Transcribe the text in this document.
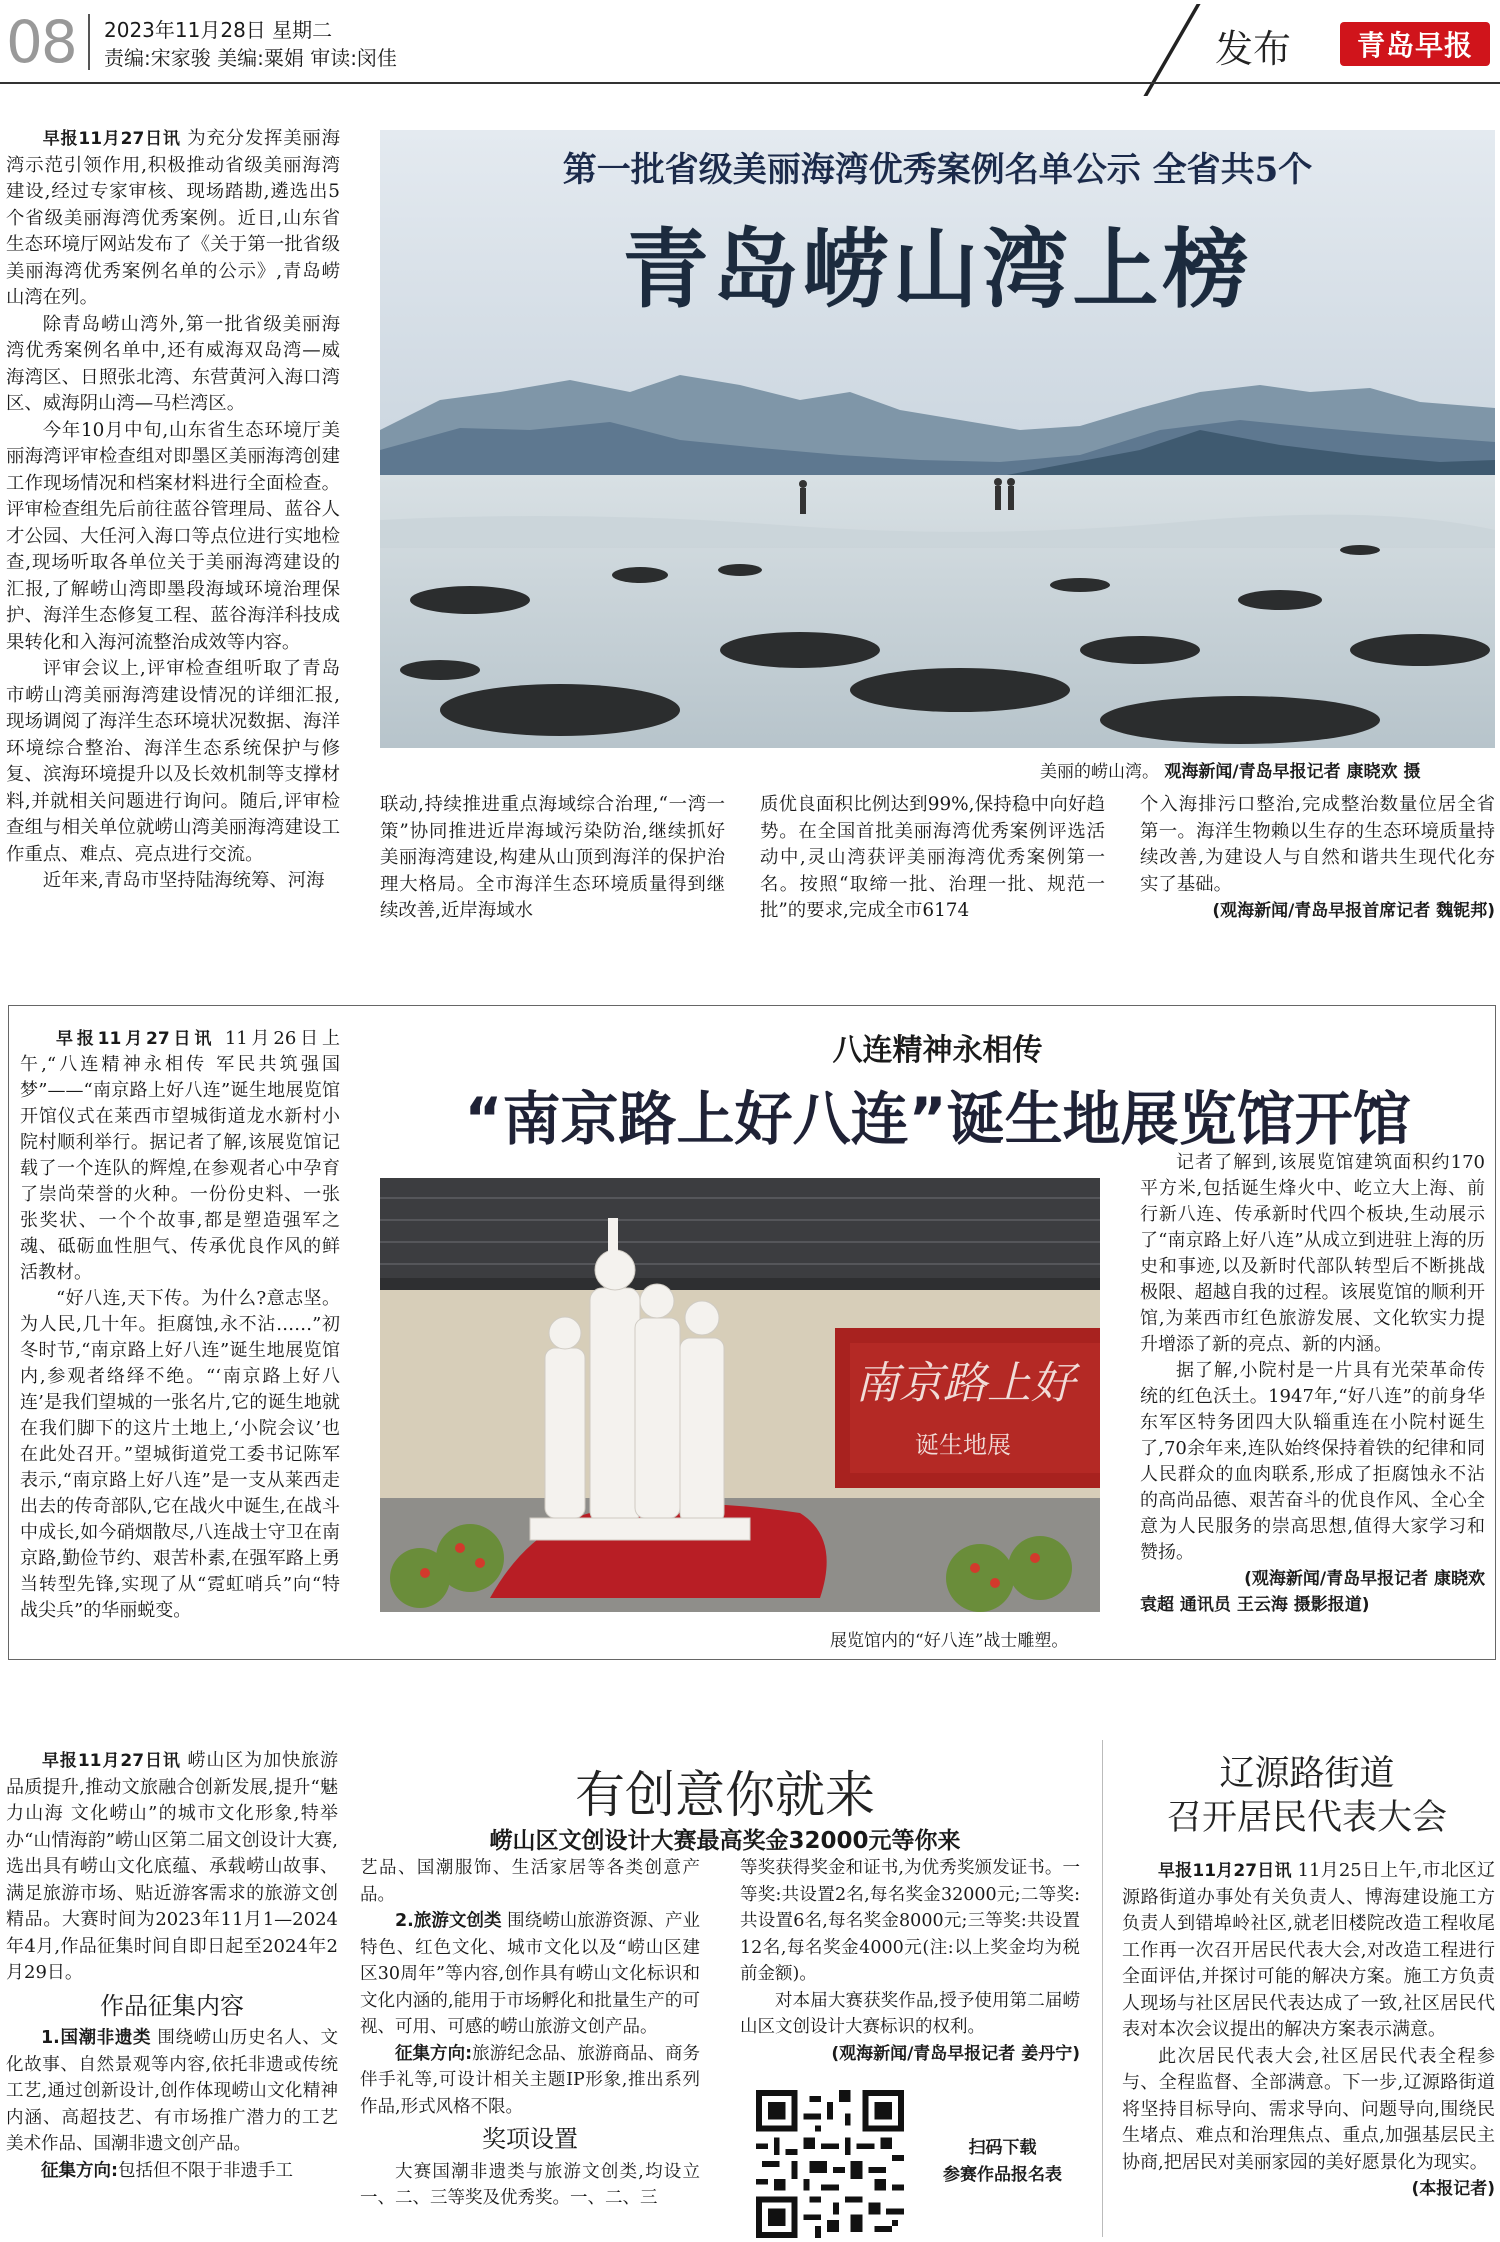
08 2023年11月28日 星期二
责编:宋家骏 美编:粟娟 审读:闵佳	发布 青岛早报

早报11月27日讯 为充分发挥美丽海湾示范引领作用,积极推动省级美丽海湾建设,经过专家审核、现场踏勘,遴选出5个省级美丽海湾优秀案例。近日,山东省生态环境厅网站发布了《关于第一批省级美丽海湾优秀案例名单的公示》,青岛崂山湾在列。

除青岛崂山湾外,第一批省级美丽海湾优秀案例名单中,还有威海双岛湾—威海湾区、日照张北湾、东营黄河入海口湾区、威海阴山湾—马栏湾区。

今年10月中旬,山东省生态环境厅美丽海湾评审检查组对即墨区美丽海湾创建工作现场情况和档案材料进行全面检查。评审检查组先后前往蓝谷管理局、蓝谷人才公园、大任河入海口等点位进行实地检查,现场听取各单位关于美丽海湾建设的汇报,了解崂山湾即墨段海域环境治理保护、海洋生态修复工程、蓝谷海洋科技成果转化和入海河流整治成效等内容。

评审会议上,评审检查组听取了青岛市崂山湾美丽海湾建设情况的详细汇报,现场调阅了海洋生态环境状况数据、海洋环境综合整治、海洋生态系统保护与修复、滨海环境提升以及长效机制等支撑材料,并就相关问题进行询问。随后,评审检查组与相关单位就崂山湾美丽海湾建设工作重点、难点、亮点进行交流。

近年来,青岛市坚持陆海统筹、河海

第一批省级美丽海湾优秀案例名单公示 全省共5个
青岛崂山湾上榜
美丽的崂山湾。 观海新闻/青岛早报记者 康晓欢 摄

联动,持续推进重点海域综合治理,“一湾一策”协同推进近岸海域污染防治,继续抓好美丽海湾建设,构建从山顶到海洋的保护治理大格局。全市海洋生态环境质量得到继续改善,近岸海域水

质优良面积比例达到99%,保持稳中向好趋势。在全国首批美丽海湾优秀案例评选活动中,灵山湾获评美丽海湾优秀案例第一名。按照“取缔一批、治理一批、规范一批”的要求,完成全市6174

个入海排污口整治,完成整治数量位居全省第一。海洋生物赖以生存的生态环境质量持续改善,为建设人与自然和谐共生现代化夯实了基础。

(观海新闻/青岛早报首席记者 魏铌邦)

八连精神永相传
“南京路上好八连”诞生地展览馆开馆

早报11月27日讯 11月26日上午,“八连精神永相传 军民共筑强国梦”——“南京路上好八连”诞生地展览馆开馆仪式在莱西市望城街道龙水新村小院村顺利举行。据记者了解,该展览馆记载了一个连队的辉煌,在参观者心中孕育了崇尚荣誉的火种。一份份史料、一张张奖状、一个个故事,都是塑造强军之魂、砥砺血性胆气、传承优良作风的鲜活教材。

“好八连,天下传。为什么?意志坚。为人民,几十年。拒腐蚀,永不沾……”初冬时节,“南京路上好八连”诞生地展览馆内,参观者络绎不绝。“‘南京路上好八连’是我们望城的一张名片,它的诞生地就在我们脚下的这片土地上,‘小院会议’也在此处召开。”望城街道党工委书记陈军表示,“南京路上好八连”是一支从莱西走出去的传奇部队,它在战火中诞生,在战斗中成长,如今硝烟散尽,八连战士守卫在南京路,勤俭节约、艰苦朴素,在强军路上勇当转型先锋,实现了从“霓虹哨兵”向“特战尖兵”的华丽蜕变。

南京路上好
诞生地展
展览馆内的“好八连”战士雕塑。

记者了解到,该展览馆建筑面积约170平方米,包括诞生烽火中、屹立大上海、前行新八连、传承新时代四个板块,生动展示了“南京路上好八连”从成立到进驻上海的历史和事迹,以及新时代部队转型后不断挑战极限、超越自我的过程。该展览馆的顺利开馆,为莱西市红色旅游发展、文化软实力提升增添了新的亮点、新的内涵。

据了解,小院村是一片具有光荣革命传统的红色沃土。1947年,“好八连”的前身华东军区特务团四大队辎重连在小院村诞生了,70余年来,连队始终保持着铁的纪律和同人民群众的血肉联系,形成了拒腐蚀永不沾的高尚品德、艰苦奋斗的优良作风、全心全意为人民服务的崇高思想,值得大家学习和赞扬。

(观海新闻/青岛早报记者 康晓欢

袁超 通讯员 王云海 摄影报道)

早报11月27日讯 崂山区为加快旅游品质提升,推动文旅融合创新发展,提升“魅力山海 文化崂山”的城市文化形象,特举办“山情海韵”崂山区第二届文创设计大赛,选出具有崂山文化底蕴、承载崂山故事、满足旅游市场、贴近游客需求的旅游文创精品。大赛时间为2023年11月1—2024年4月,作品征集时间自即日起至2024年2月29日。

作品征集内容

1.国潮非遗类 围绕崂山历史名人、文化故事、自然景观等内容,依托非遗或传统工艺,通过创新设计,创作体现崂山文化精神内涵、高超技艺、有市场推广潜力的工艺美术作品、国潮非遗文创产品。

征集方向:包括但不限于非遗手工

有创意你就来
崂山区文创设计大赛最高奖金32000元等你来

艺品、国潮服饰、生活家居等各类创意产品。

2.旅游文创类 围绕崂山旅游资源、产业特色、红色文化、城市文化以及“崂山区建区30周年”等内容,创作具有崂山文化标识和文化内涵的,能用于市场孵化和批量生产的可视、可用、可感的崂山旅游文创产品。

征集方向:旅游纪念品、旅游商品、商务伴手礼等,可设计相关主题IP形象,推出系列作品,形式风格不限。

奖项设置

大赛国潮非遗类与旅游文创类,均设立一、二、三等奖及优秀奖。一、二、三

等奖获得奖金和证书,为优秀奖颁发证书。一等奖:共设置2名,每名奖金32000元;二等奖:共设置6名,每名奖金8000元;三等奖:共设置12名,每名奖金4000元(注:以上奖金均为税前金额)。

对本届大赛获奖作品,授予使用第二届崂山区文创设计大赛标识的权利。

(观海新闻/青岛早报记者 姜丹宁)

扫码下载
参赛作品报名表
辽源路街道
召开居民代表大会

早报11月27日讯 11月25日上午,市北区辽源路街道办事处有关负责人、博海建设施工方负责人到错埠岭社区,就老旧楼院改造工程收尾工作再一次召开居民代表大会,对改造工程进行全面评估,并探讨可能的解决方案。施工方负责人现场与社区居民代表达成了一致,社区居民代表对本次会议提出的解决方案表示满意。

此次居民代表大会,社区居民代表全程参与、全程监督、全部满意。下一步,辽源路街道将坚持目标导向、需求导向、问题导向,围绕民生堵点、难点和治理焦点、重点,加强基层民主协商,把居民对美丽家园的美好愿景化为现实。

(本报记者)
